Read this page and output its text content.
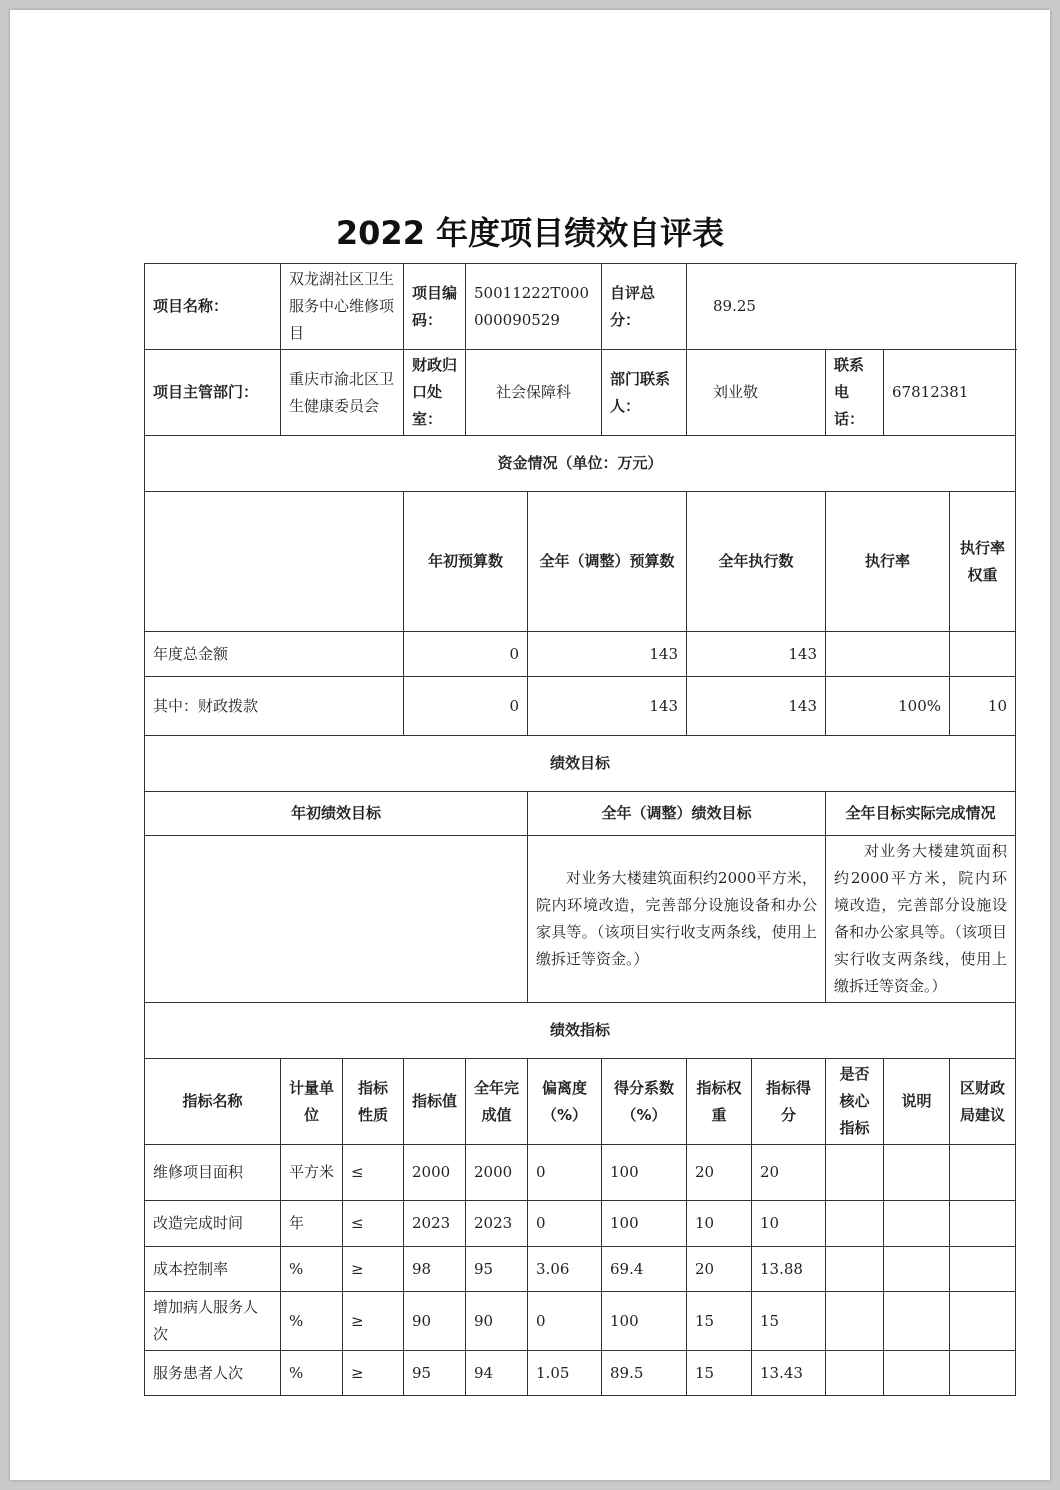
2022 年度项目绩效自评表
项目名称：	双龙湖社区卫生服务中心维修项目		项目编码：	50011222T000000090529		自评总分：	89.25					
项目主管部门：	重庆市渝北区卫生健康委员会		财政归口处室：	社会保障科		部门联系人：	刘业敬		联系电话：	67812381		
资金情况（单位：万元）												
			年初预算数		全年（调整）预算数		全年执行数		执行率		执行率权重	
年度总金额			0		143		143					
其中：财政拨款			0		143		143		100%		10	
绩效目标												
年初绩效目标					全年（调整）绩效目标				全年目标实际完成情况			
					对业务大楼建筑面积约2000平方米，院内环境改造，完善部分设施设备和办公家具等。（该项目实行收支两条线，使用上缴拆迁等资金。）				对业务大楼建筑面积约2000平方米，院内环境改造，完善部分设施设备和办公家具等。（该项目实行收支两条线，使用上缴拆迁等资金。）			
绩效指标												
指标名称	计量单位	指标性质	指标值	全年完成值	偏离度（%）	得分系数（%）	指标权重	指标得分	是否核心指标	说明	区财政局建议	
维修项目面积	平方米	≤	2000	2000	0	100	20	20				
改造完成时间	年	≤	2023	2023	0	100	10	10				
成本控制率	%	≥	98	95	3.06	69.4	20	13.88				
增加病人服务人次	%	≥	90	90	0	100	15	15				
服务患者人次	%	≥	95	94	1.05	89.5	15	13.43				
